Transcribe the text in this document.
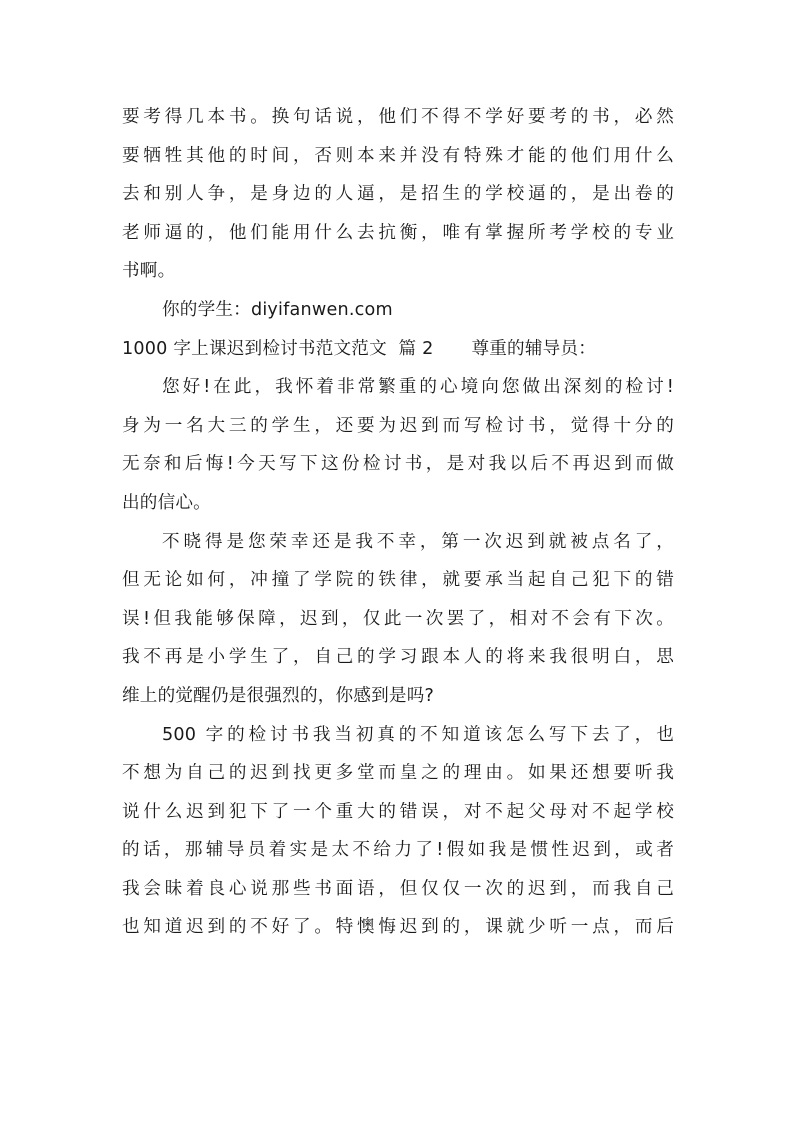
要考得几本书。换句话说，他们不得不学好要考的书，必然
要牺牲其他的时间，否则本来并没有特殊才能的他们用什么
去和别人争，是身边的人逼，是招生的学校逼的，是出卷的
老师逼的，他们能用什么去抗衡，唯有掌握所考学校的专业
书啊。
你的学生：diyifanwen.com
1000 字上课迟到检讨书范文范文  篇 2 尊重的辅导员：
您好!在此，我怀着非常繁重的心境向您做出深刻的检讨!
身为一名大三的学生，还要为迟到而写检讨书，觉得十分的
无奈和后悔!今天写下这份检讨书，是对我以后不再迟到而做
出的信心。
不晓得是您荣幸还是我不幸，第一次迟到就被点名了，
但无论如何，冲撞了学院的铁律，就要承当起自己犯下的错
误!但我能够保障，迟到，仅此一次罢了，相对不会有下次。
我不再是小学生了，自己的学习跟本人的将来我很明白，思
维上的觉醒仍是很强烈的，你感到是吗?
500 字的检讨书我当初真的不知道该怎么写下去了，也
不想为自己的迟到找更多堂而皇之的理由。如果还想要听我
说什么迟到犯下了一个重大的错误，对不起父母对不起学校
的话，那辅导员着实是太不给力了!假如我是惯性迟到，或者
我会昧着良心说那些书面语，但仅仅一次的迟到，而我自己
也知道迟到的不好了。特懊悔迟到的，课就少听一点，而后
